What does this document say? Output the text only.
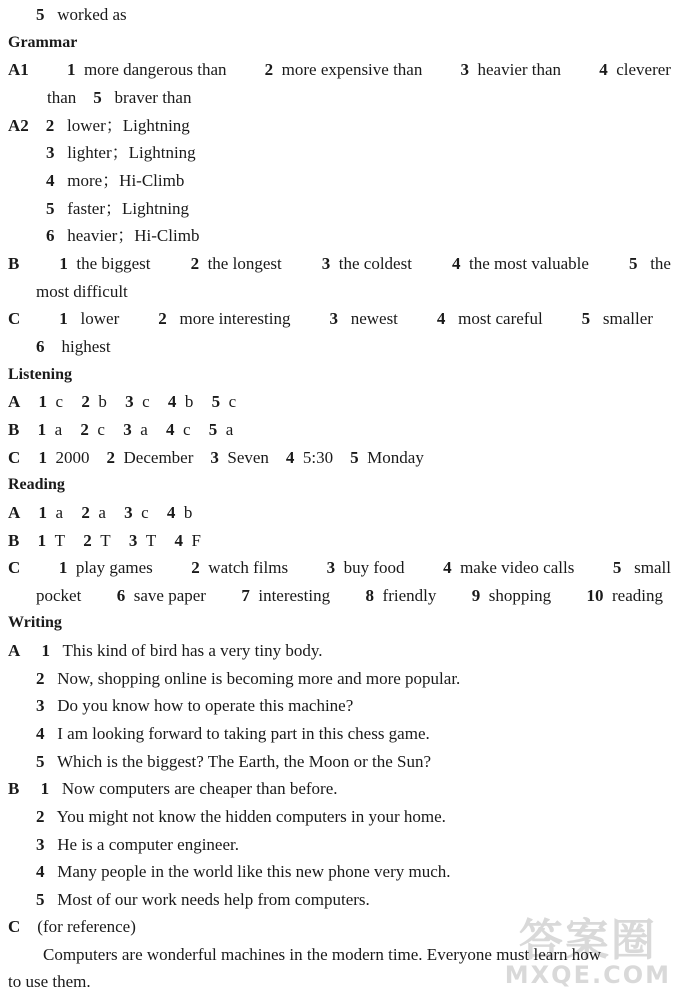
5 worked as
Grammar
A1 1 more dangerous than 2 more expensive than 3 heavier than 4 cleverer
than 5 braver than
A2 2 lower；Lightning
3 lighter；Lightning
4 more；Hi-Climb
5 faster；Lightning
6 heavier；Hi-Climb
B 1 the biggest 2 the longest 3 the coldest 4 the most valuable 5 the
most difficult
C 1 lower 2 more interesting 3 newest 4 most careful 5 smaller
6 highest
Listening
A 1 c 2 b 3 c 4 b 5 c
B 1 a 2 c 3 a 4 c 5 a
C 1 2000 2 December 3 Seven 4 5:30 5 Monday
Reading
A 1 a 2 a 3 c 4 b
B 1 T 2 T 3 T 4 F
C 1 play games 2 watch films 3 buy food 4 make video calls 5 small
pocket 6 save paper 7 interesting 8 friendly 9 shopping 10 reading
Writing
A 1 This kind of bird has a very tiny body.
2 Now, shopping online is becoming more and more popular.
3 Do you know how to operate this machine?
4 I am looking forward to taking part in this chess game.
5 Which is the biggest? The Earth, the Moon or the Sun?
B 1 Now computers are cheaper than before.
2 You might not know the hidden computers in your home.
3 He is a computer engineer.
4 Many people in the world like this new phone very much.
5 Most of our work needs help from computers.
C (for reference)
Computers are wonderful machines in the modern time. Everyone must learn how
to use them.
答案圈
MXQE.COM
